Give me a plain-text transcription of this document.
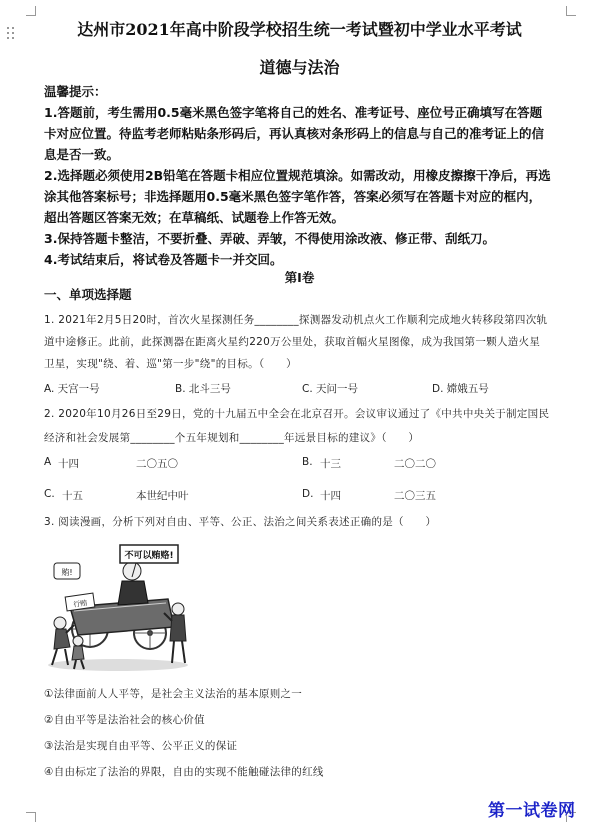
达州市2021年高中阶段学校招生统一考试暨初中学业水平考试
道德与法治
温馨提示：
1.答题前，考生需用0.5毫米黑色签字笔将自己的姓名、准考证号、座位号正确填写在答题
卡对应位置。待监考老师粘贴条形码后，再认真核对条形码上的信息与自己的准考证上的信
息是否一致。
2.选择题必须使用2B铅笔在答题卡相应位置规范填涂。如需改动，用橡皮擦擦干净后，再选
涂其他答案标号；非选择题用0.5毫米黑色签字笔作答，答案必须写在答题卡对应的框内，
超出答题区答案无效；在草稿纸、试题卷上作答无效。
3.保持答题卡整洁，不要折叠、弄破、弄皱，不得使用涂改液、修正带、刮纸刀。
4.考试结束后，将试卷及答题卡一并交回。
第Ⅰ卷
一、单项选择题
1. 2021年2月5日20时，首次火星探测任务________探测器发动机点火工作顺利完成地火转移段第四次轨
道中途修正。此前，此探测器在距离火星约220万公里处，获取首幅火星图像，成为我国第一颗人造火星
卫星，实现"绕、着、巡"第一步"绕"的目标。（　　）
A. 天宫一号	B. 北斗三号	C. 天问一号	D. 嫦娥五号
2. 2020年10月26日至29日，党的十九届五中全会在北京召开。会议审议通过了《中共中央关于制定国民
经济和社会发展第________个五年规划和________年远景目标的建议》（　　）
A 十四	二〇五〇	B. 十三	二〇二〇
C. 十五	本世纪中叶	D. 十四	二〇三五
3. 阅读漫画，分析下列对自由、平等、公正、法治之间关系表述正确的是（　　）
不可以贿赂!
贿!
行贿
①法律面前人人平等，是社会主义法治的基本原则之一
②自由平等是法治社会的核心价值
③法治是实现自由平等、公平正义的保证
④自由标定了法治的界限，自由的实现不能触碰法律的红线
第一试卷网
